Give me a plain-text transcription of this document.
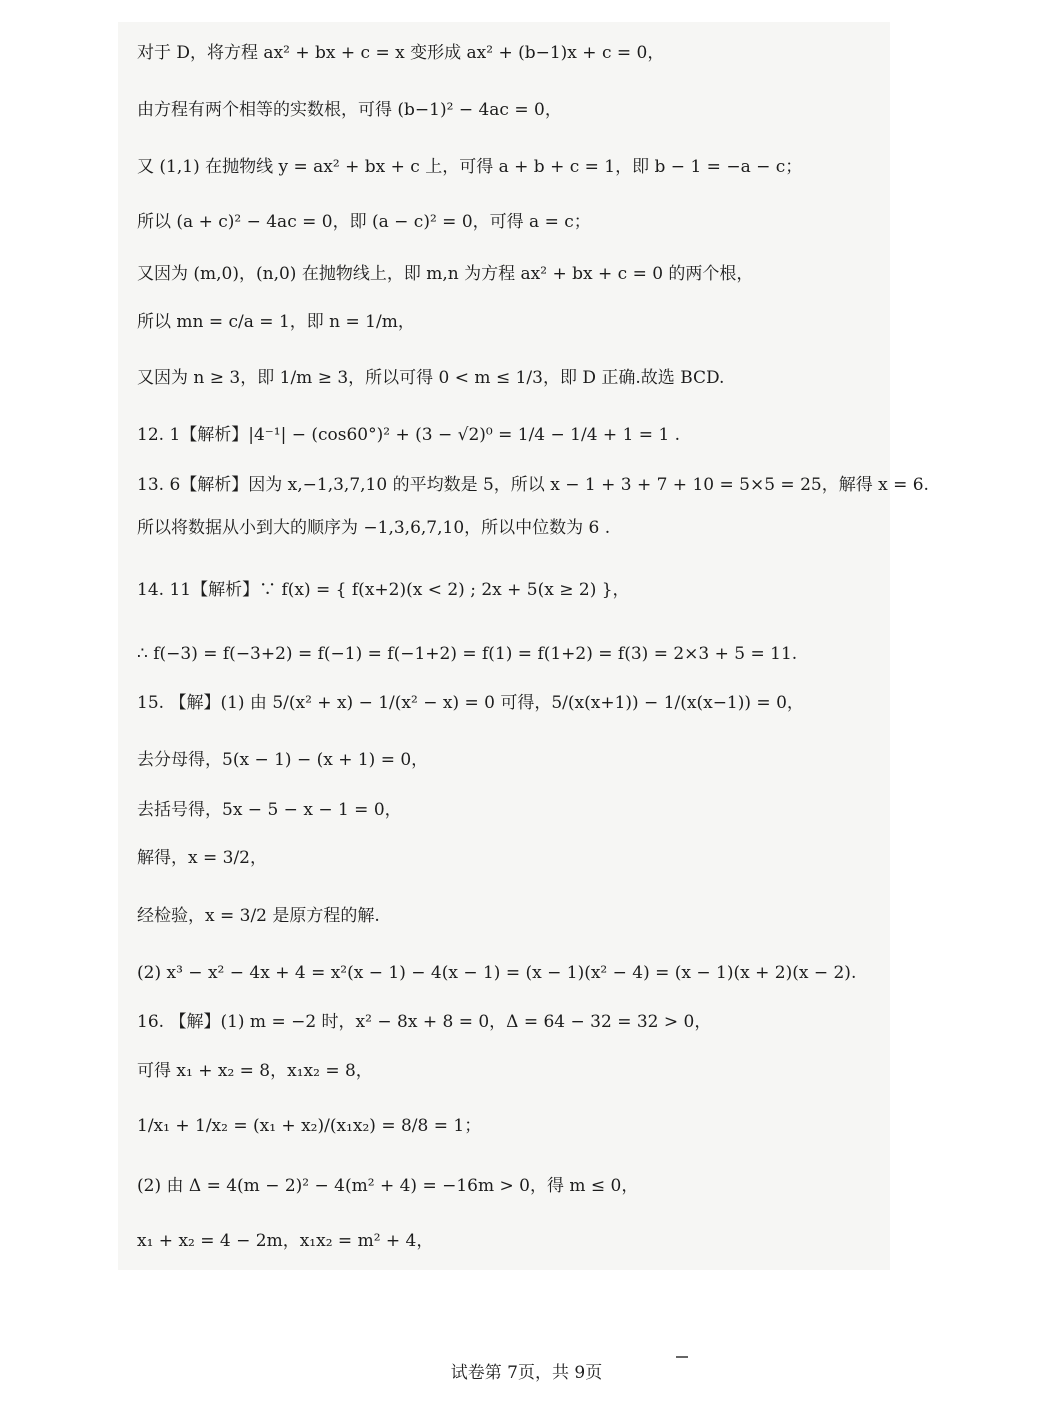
对于 D，将方程 ax² + bx + c = x 变形成 ax² + (b−1)x + c = 0，
由方程有两个相等的实数根，可得 (b−1)² − 4ac = 0，
又 (1,1) 在抛物线 y = ax² + bx + c 上，可得 a + b + c = 1，即 b − 1 = −a − c；
所以 (a + c)² − 4ac = 0，即 (a − c)² = 0，可得 a = c；
又因为 (m,0)，(n,0) 在抛物线上，即 m,n 为方程 ax² + bx + c = 0 的两个根，
所以 mn = c/a = 1，即 n = 1/m，
又因为 n ≥ 3，即 1/m ≥ 3，所以可得 0 < m ≤ 1/3，即 D 正确.故选 BCD.
12. 1【解析】|4⁻¹| − (cos60°)² + (3 − √2)⁰ = 1/4 − 1/4 + 1 = 1 .
13. 6【解析】因为 x,−1,3,7,10 的平均数是 5，所以 x − 1 + 3 + 7 + 10 = 5×5 = 25，解得 x = 6.
所以将数据从小到大的顺序为 −1,3,6,7,10，所以中位数为 6 .
14. 11【解析】∵ f(x) = { f(x+2)(x < 2) ; 2x + 5(x ≥ 2) }，
∴ f(−3) = f(−3+2) = f(−1) = f(−1+2) = f(1) = f(1+2) = f(3) = 2×3 + 5 = 11.
15. 【解】(1) 由 5/(x² + x) − 1/(x² − x) = 0 可得，5/(x(x+1)) − 1/(x(x−1)) = 0，
去分母得，5(x − 1) − (x + 1) = 0，
去括号得，5x − 5 − x − 1 = 0，
解得，x = 3/2，
经检验，x = 3/2 是原方程的解.
(2) x³ − x² − 4x + 4 = x²(x − 1) − 4(x − 1) = (x − 1)(x² − 4) = (x − 1)(x + 2)(x − 2).
16. 【解】(1) m = −2 时，x² − 8x + 8 = 0，Δ = 64 − 32 = 32 > 0，
可得 x₁ + x₂ = 8，x₁x₂ = 8，
1/x₁ + 1/x₂ = (x₁ + x₂)/(x₁x₂) = 8/8 = 1；
(2) 由 Δ = 4(m − 2)² − 4(m² + 4) = −16m > 0，得 m ≤ 0，
x₁ + x₂ = 4 − 2m，x₁x₂ = m² + 4，
试卷第 7页，共 9页
